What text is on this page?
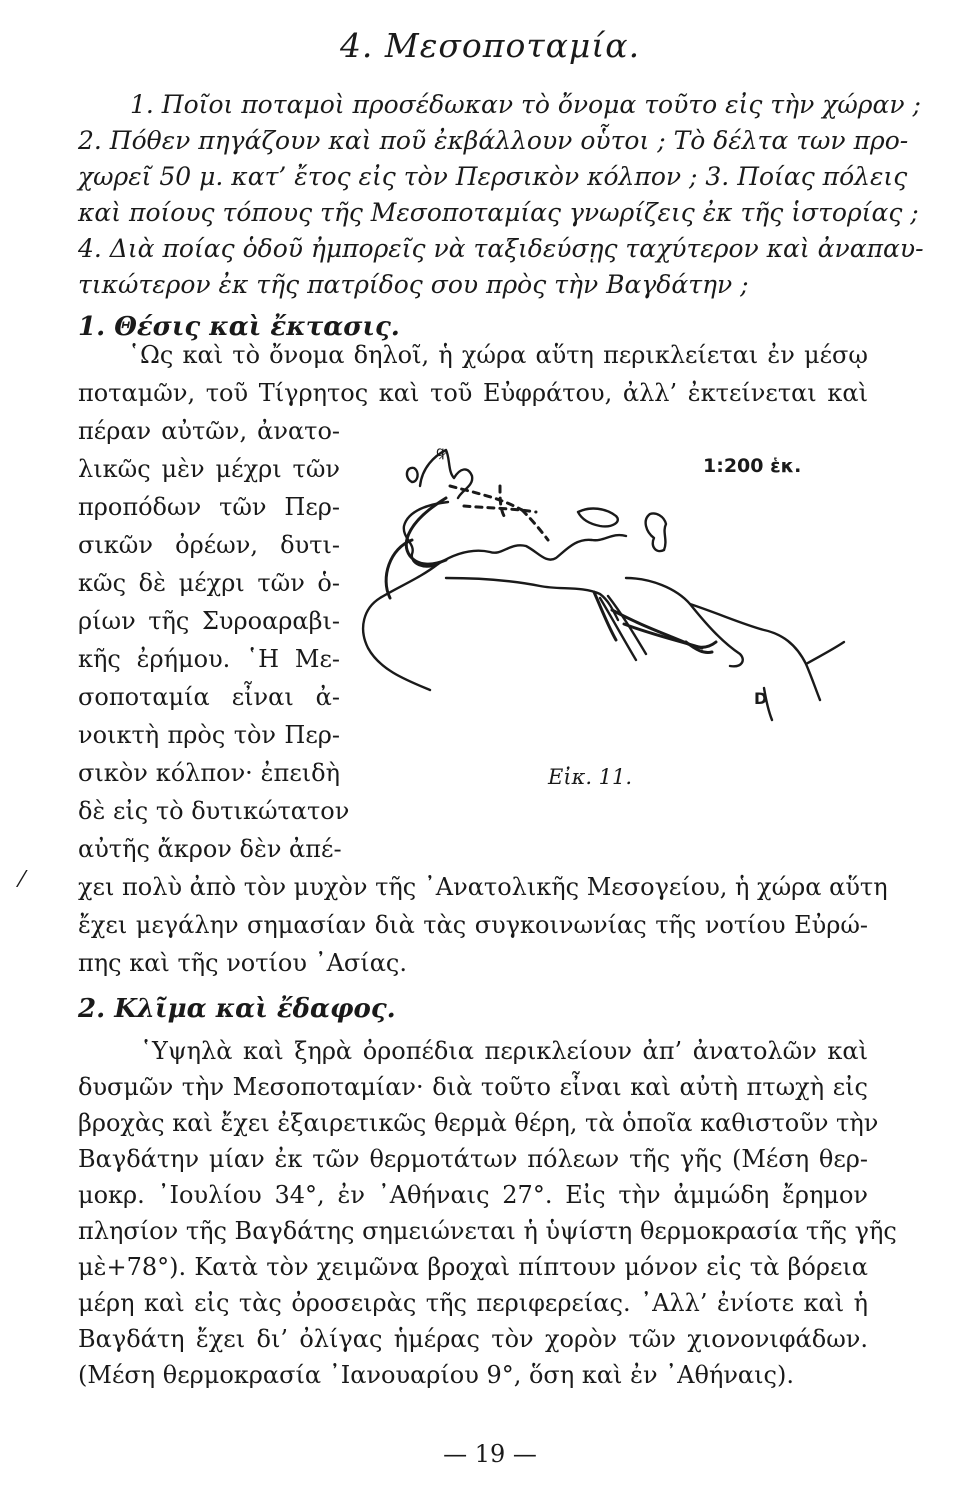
4. Μεσοποταμία.
1. Ποῖοι ποταμοὶ προσέδωκαν τὸ ὄνομα τοῦτο εἰς τὴν χώραν ;
2. Πόθεν πηγάζουν καὶ ποῦ ἐκβάλλουν οὗτοι ; Τὸ δέλτα των προ-
χωρεῖ 50 μ. κατ’ ἔτος εἰς τὸν Περσικὸν κόλπον ; 3. Ποίας πόλεις
καὶ ποίους τόπους τῆς Μεσοποταμίας γνωρίζεις ἐκ τῆς ἱστορίας ;
4. Διὰ ποίας ὁδοῦ ἠμπορεῖς νὰ ταξιδεύσῃς ταχύτερον καὶ ἀναπαυ-
τικώτερον ἐκ τῆς πατρίδος σου πρὸς τὴν Βαγδάτην ;
1. Θέσις καὶ ἔκτασις.
῾Ως καὶ τὸ ὄνομα δηλοῖ, ἡ χώρα αὕτη περικλείεται ἐν μέσῳ
ποταμῶν, τοῦ Τίγρητος καὶ τοῦ Εὐφράτου, ἀλλ’ ἐκτείνεται καὶ
πέραν αὐτῶν, ἀνατο-
λικῶς μὲν μέχρι τῶν
προπόδων τῶν Περ-
σικῶν ὀρέων, δυτι-
κῶς δὲ μέχρι τῶν ὁ-
ρίων τῆς Συροαραβι-
κῆς ἐρήμου. ῾Η Με-
σοποταμία εἶναι ἀ-
νοικτὴ πρὸς τὸν Περ-
σικὸν κόλπον· ἐπειδὴ
δὲ εἰς τὸ δυτικώτατον
αὐτῆς ἄκρον δὲν ἀπέ-
χει πολὺ ἀπὸ τὸν μυχὸν τῆς ᾿Ανατολικῆς Μεσογείου, ἡ χώρα αὕτη
ἔχει μεγάλην σημασίαν διὰ τὰς συγκοινωνίας τῆς νοτίου Εὐρώ-
πης καὶ τῆς νοτίου ᾿Ασίας.
D
ꝙ
1:200 ἑκ.
Εἰκ. 11.
⁄
2. Κλῖμα καὶ ἔδαφος.
῾Υψηλὰ καὶ ξηρὰ ὀροπέδια περικλείουν ἀπ’ ἀνατολῶν καὶ
δυσμῶν τὴν Μεσοποταμίαν· διὰ τοῦτο εἶναι καὶ αὐτὴ πτωχὴ εἰς
βροχὰς καὶ ἔχει ἐξαιρετικῶς θερμὰ θέρη, τὰ ὁποῖα καθιστοῦν τὴν
Βαγδάτην μίαν ἐκ τῶν θερμοτάτων πόλεων τῆς γῆς (Μέση θερ-
μοκρ. ᾿Ιουλίου 34°, ἐν ᾿Αθήναις 27°. Εἰς τὴν ἀμμώδη ἔρημον
πλησίον τῆς Βαγδάτης σημειώνεται ἡ ὑψίστη θερμοκρασία τῆς γῆς
μὲ+78°). Κατὰ τὸν χειμῶνα βροχαὶ πίπτουν μόνον εἰς τὰ βόρεια
μέρη καὶ εἰς τὰς ὀροσειρὰς τῆς περιφερείας. ᾿Αλλ’ ἐνίοτε καὶ ἡ
Βαγδάτη ἔχει δι’ ὀλίγας ἡμέρας τὸν χορὸν τῶν χιονονιφάδων.
(Μέση θερμοκρασία ᾿Ιανουαρίου 9°, ὅση καὶ ἐν ᾿Αθήναις).
— 19 —
